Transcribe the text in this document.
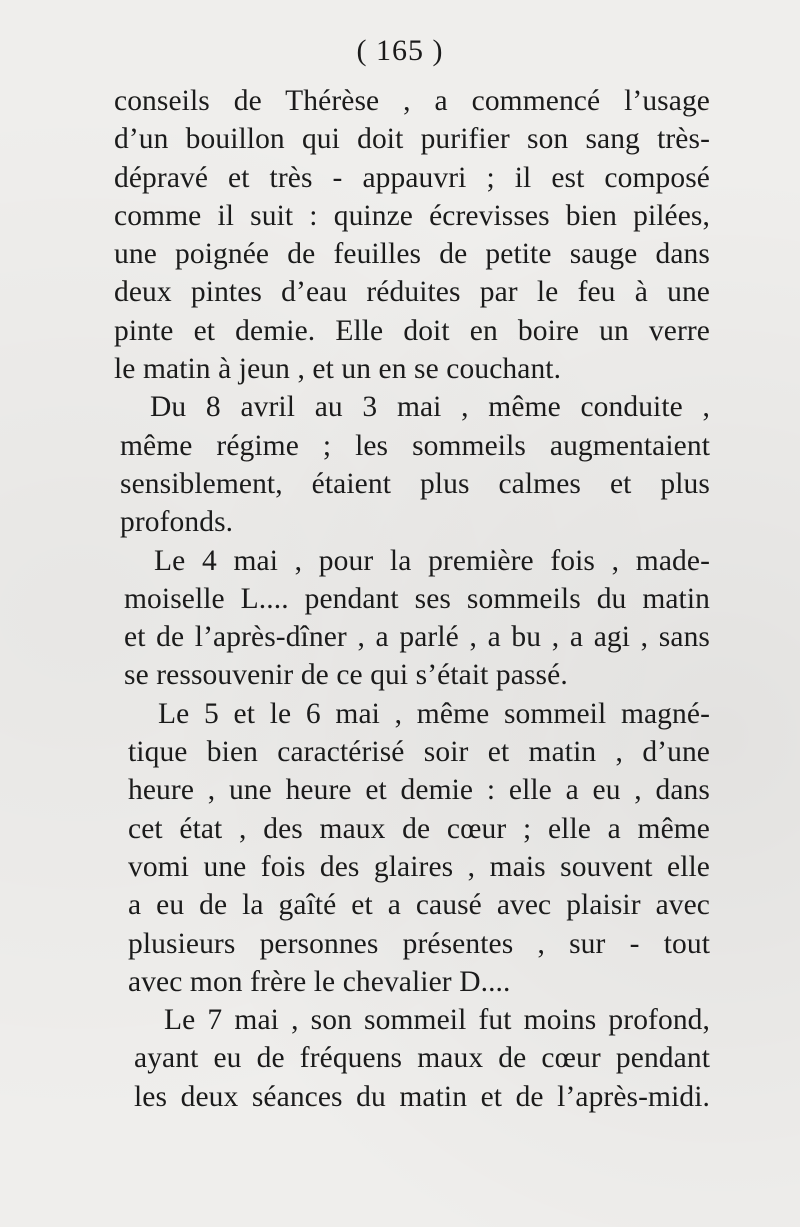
( 165 )
conseils de Thérèse , a commencé l’usage
d’un bouillon qui doit purifier son sang très-
dépravé et très - appauvri ; il est composé
comme il suit : quinze écrevisses bien pilées,
une poignée de feuilles de petite sauge dans
deux pintes d’eau réduites par le feu à une
pinte et demie. Elle doit en boire un verre
le matin à jeun , et un en se couchant.
Du 8 avril au 3 mai , même conduite ,
même régime ; les sommeils augmentaient
sensiblement, étaient plus calmes et plus
profonds.
Le 4 mai , pour la première fois , made-
moiselle L.... pendant ses sommeils du matin
et de l’après-dîner , a parlé , a bu , a agi , sans
se ressouvenir de ce qui s’était passé.
Le 5 et le 6 mai , même sommeil magné-
tique bien caractérisé soir et matin , d’une
heure , une heure et demie : elle a eu , dans
cet état , des maux de cœur ; elle a même
vomi une fois des glaires , mais souvent elle
a eu de la gaîté et a causé avec plaisir avec
plusieurs personnes présentes , sur - tout
avec mon frère le chevalier D....
Le 7 mai , son sommeil fut moins profond,
ayant eu de fréquens maux de cœur pendant
les deux séances du matin et de l’après-midi.
